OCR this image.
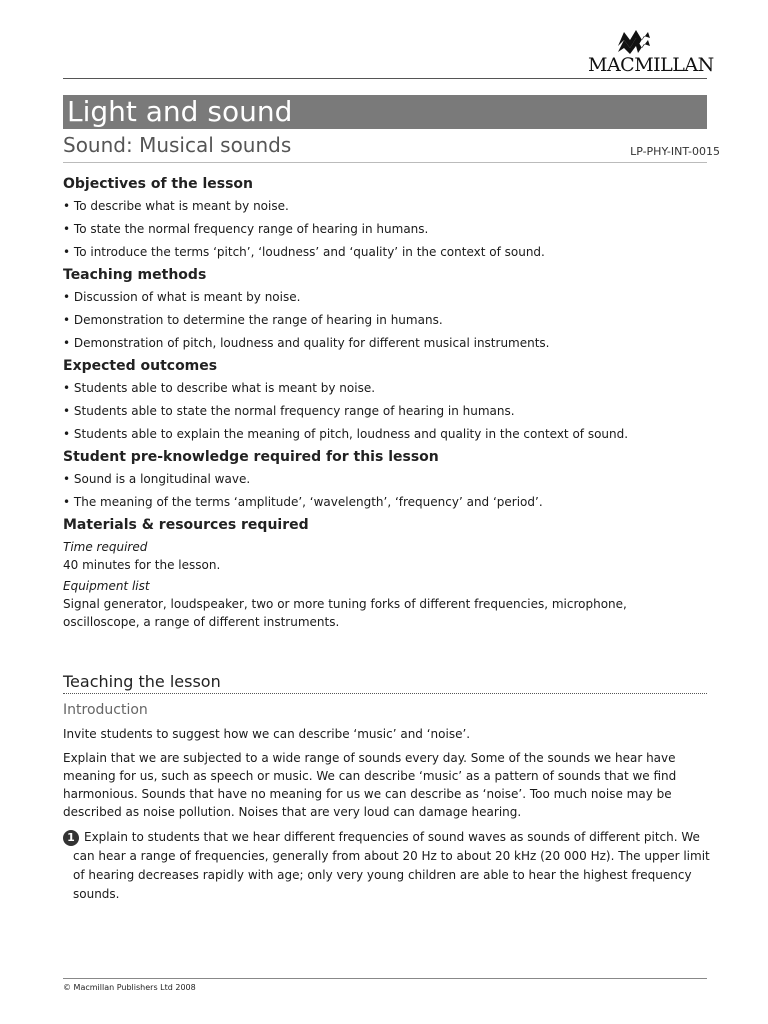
MACMILLAN
Light and sound
Sound: Musical sounds	LP-PHY-INT-0015
Objectives of the lesson
• To describe what is meant by noise.
• To state the normal frequency range of hearing in humans.
• To introduce the terms ‘pitch’, ‘loudness’ and ‘quality’ in the context of sound.
Teaching methods
• Discussion of what is meant by noise.
• Demonstration to determine the range of hearing in humans.
• Demonstration of pitch, loudness and quality for different musical instruments.
Expected outcomes
• Students able to describe what is meant by noise.
• Students able to state the normal frequency range of hearing in humans.
• Students able to explain the meaning of pitch, loudness and quality in the context of sound.
Student pre-knowledge required for this lesson
• Sound is a longitudinal wave.
• The meaning of the terms ‘amplitude’, ‘wavelength’, ‘frequency’ and ‘period’.
Materials & resources required
Time required
40 minutes for the lesson.
Equipment list
Signal generator, loudspeaker, two or more tuning forks of different frequencies, microphone,
oscilloscope, a range of different instruments.
Teaching the lesson
Introduction
Invite students to suggest how we can describe ‘music’ and ‘noise’.
Explain that we are subjected to a wide range of sounds every day. Some of the sounds we hear have
meaning for us, such as speech or music. We can describe ‘music’ as a pattern of sounds that we find
harmonious. Sounds that have no meaning for us we can describe as ‘noise’. Too much noise may be
described as noise pollution. Noises that are very loud can damage hearing.
1 Explain to students that we hear different frequencies of sound waves as sounds of different pitch. We
can hear a range of frequencies, generally from about 20 Hz to about 20 kHz (20 000 Hz). The upper limit
of hearing decreases rapidly with age; only very young children are able to hear the highest frequency
sounds.
© Macmillan Publishers Ltd 2008
